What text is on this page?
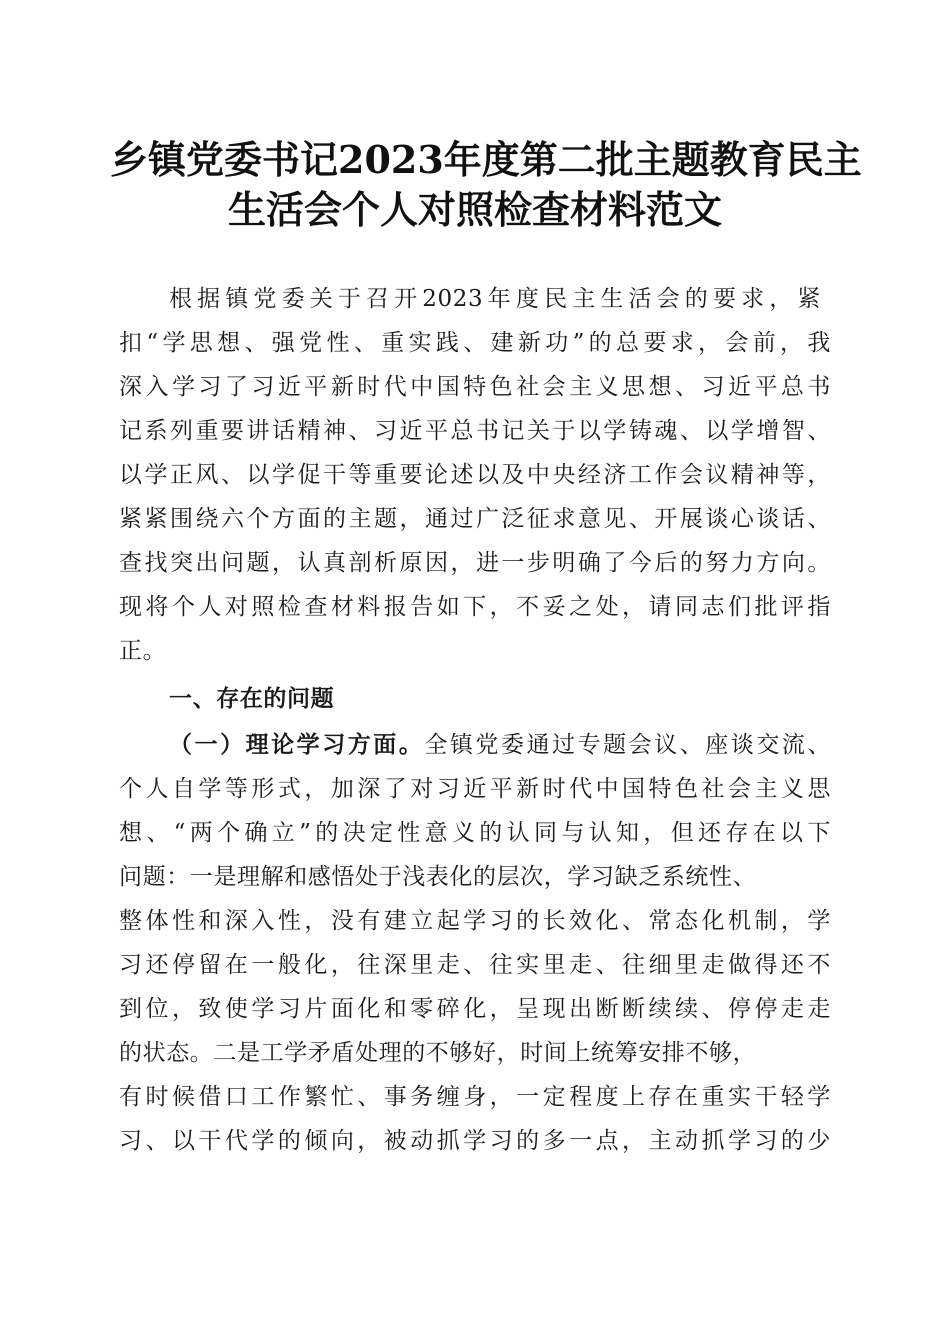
乡镇党委书记2023年度第二批主题教育民主
生活会个人对照检查材料范文

根据镇党委关于召开2023年度民主生活会的要求，紧

扣“学思想、强党性、重实践、建新功”的总要求，会前，我

深入学习了习近平新时代中国特色社会主义思想、习近平总书

记系列重要讲话精神、习近平总书记关于以学铸魂、以学增智、

以学正风、以学促干等重要论述以及中央经济工作会议精神等，

紧紧围绕六个方面的主题，通过广泛征求意见、开展谈心谈话、

查找突出问题，认真剖析原因，进一步明确了今后的努力方向。

现将个人对照检查材料报告如下，不妥之处，请同志们批评指

正。

一、存在的问题

（一）理论学习方面。全镇党委通过专题会议、座谈交流、

个人自学等形式，加深了对习近平新时代中国特色社会主义思

想、“两个确立”的决定性意义的认同与认知，但还存在以下

问题：一是理解和感悟处于浅表化的层次，学习缺乏系统性、

整体性和深入性，没有建立起学习的长效化、常态化机制，学

习还停留在一般化，往深里走、往实里走、往细里走做得还不

到位，致使学习片面化和零碎化，呈现出断断续续、停停走走

的状态。二是工学矛盾处理的不够好，时间上统筹安排不够，

有时候借口工作繁忙、事务缠身，一定程度上存在重实干轻学

习、以干代学的倾向，被动抓学习的多一点，主动抓学习的少
